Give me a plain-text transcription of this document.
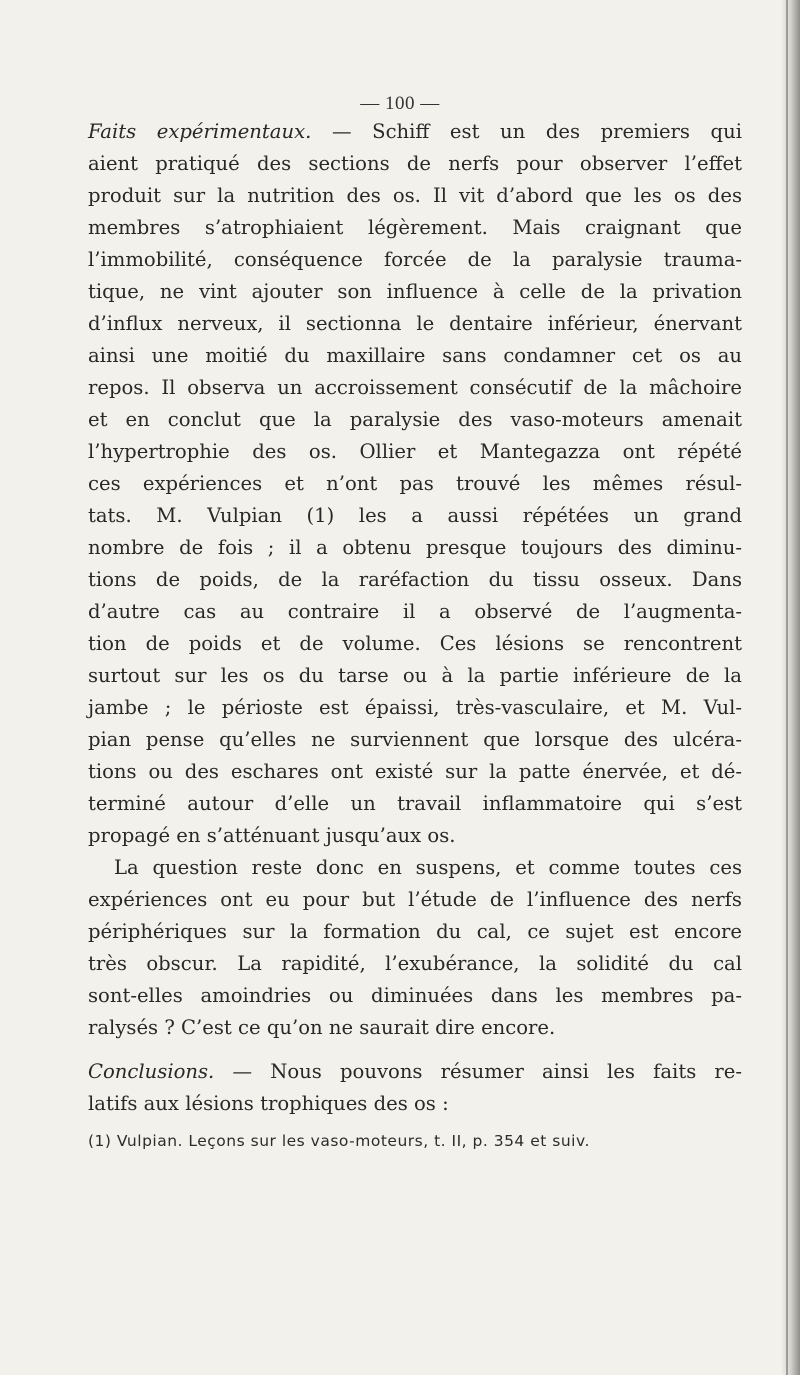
— 100 —
Faits expérimentaux. — Schiff est un des premiers qui
aient pratiqué des sections de nerfs pour observer l’effet
produit sur la nutrition des os. Il vit d’abord que les os des
membres s’atrophiaient légèrement. Mais craignant que
l’immobilité, conséquence forcée de la paralysie trauma-
tique, ne vint ajouter son influence à celle de la privation
d’influx nerveux, il sectionna le dentaire inférieur, énervant
ainsi une moitié du maxillaire sans condamner cet os au
repos. Il observa un accroissement consécutif de la mâchoire
et en conclut que la paralysie des vaso-moteurs amenait
l’hypertrophie des os. Ollier et Mantegazza ont répété
ces expériences et n’ont pas trouvé les mêmes résul-
tats. M. Vulpian (1) les a aussi répétées un grand
nombre de fois ; il a obtenu presque toujours des diminu-
tions de poids, de la raréfaction du tissu osseux. Dans
d’autre cas au contraire il a observé de l’augmenta-
tion de poids et de volume. Ces lésions se rencontrent
surtout sur les os du tarse ou à la partie inférieure de la
jambe ; le périoste est épaissi, très-vasculaire, et M. Vul-
pian pense qu’elles ne surviennent que lorsque des ulcéra-
tions ou des eschares ont existé sur la patte énervée, et dé-
terminé autour d’elle un travail inflammatoire qui s’est
propagé en s’atténuant jusqu’aux os.
La question reste donc en suspens, et comme toutes ces
expériences ont eu pour but l’étude de l’influence des nerfs
périphériques sur la formation du cal, ce sujet est encore
très obscur. La rapidité, l’exubérance, la solidité du cal
sont-elles amoindries ou diminuées dans les membres pa-
ralysés ? C’est ce qu’on ne saurait dire encore.
Conclusions. — Nous pouvons résumer ainsi les faits re-
latifs aux lésions trophiques des os :
(1) Vulpian. Leçons sur les vaso-moteurs, t. II, p. 354 et suiv.
